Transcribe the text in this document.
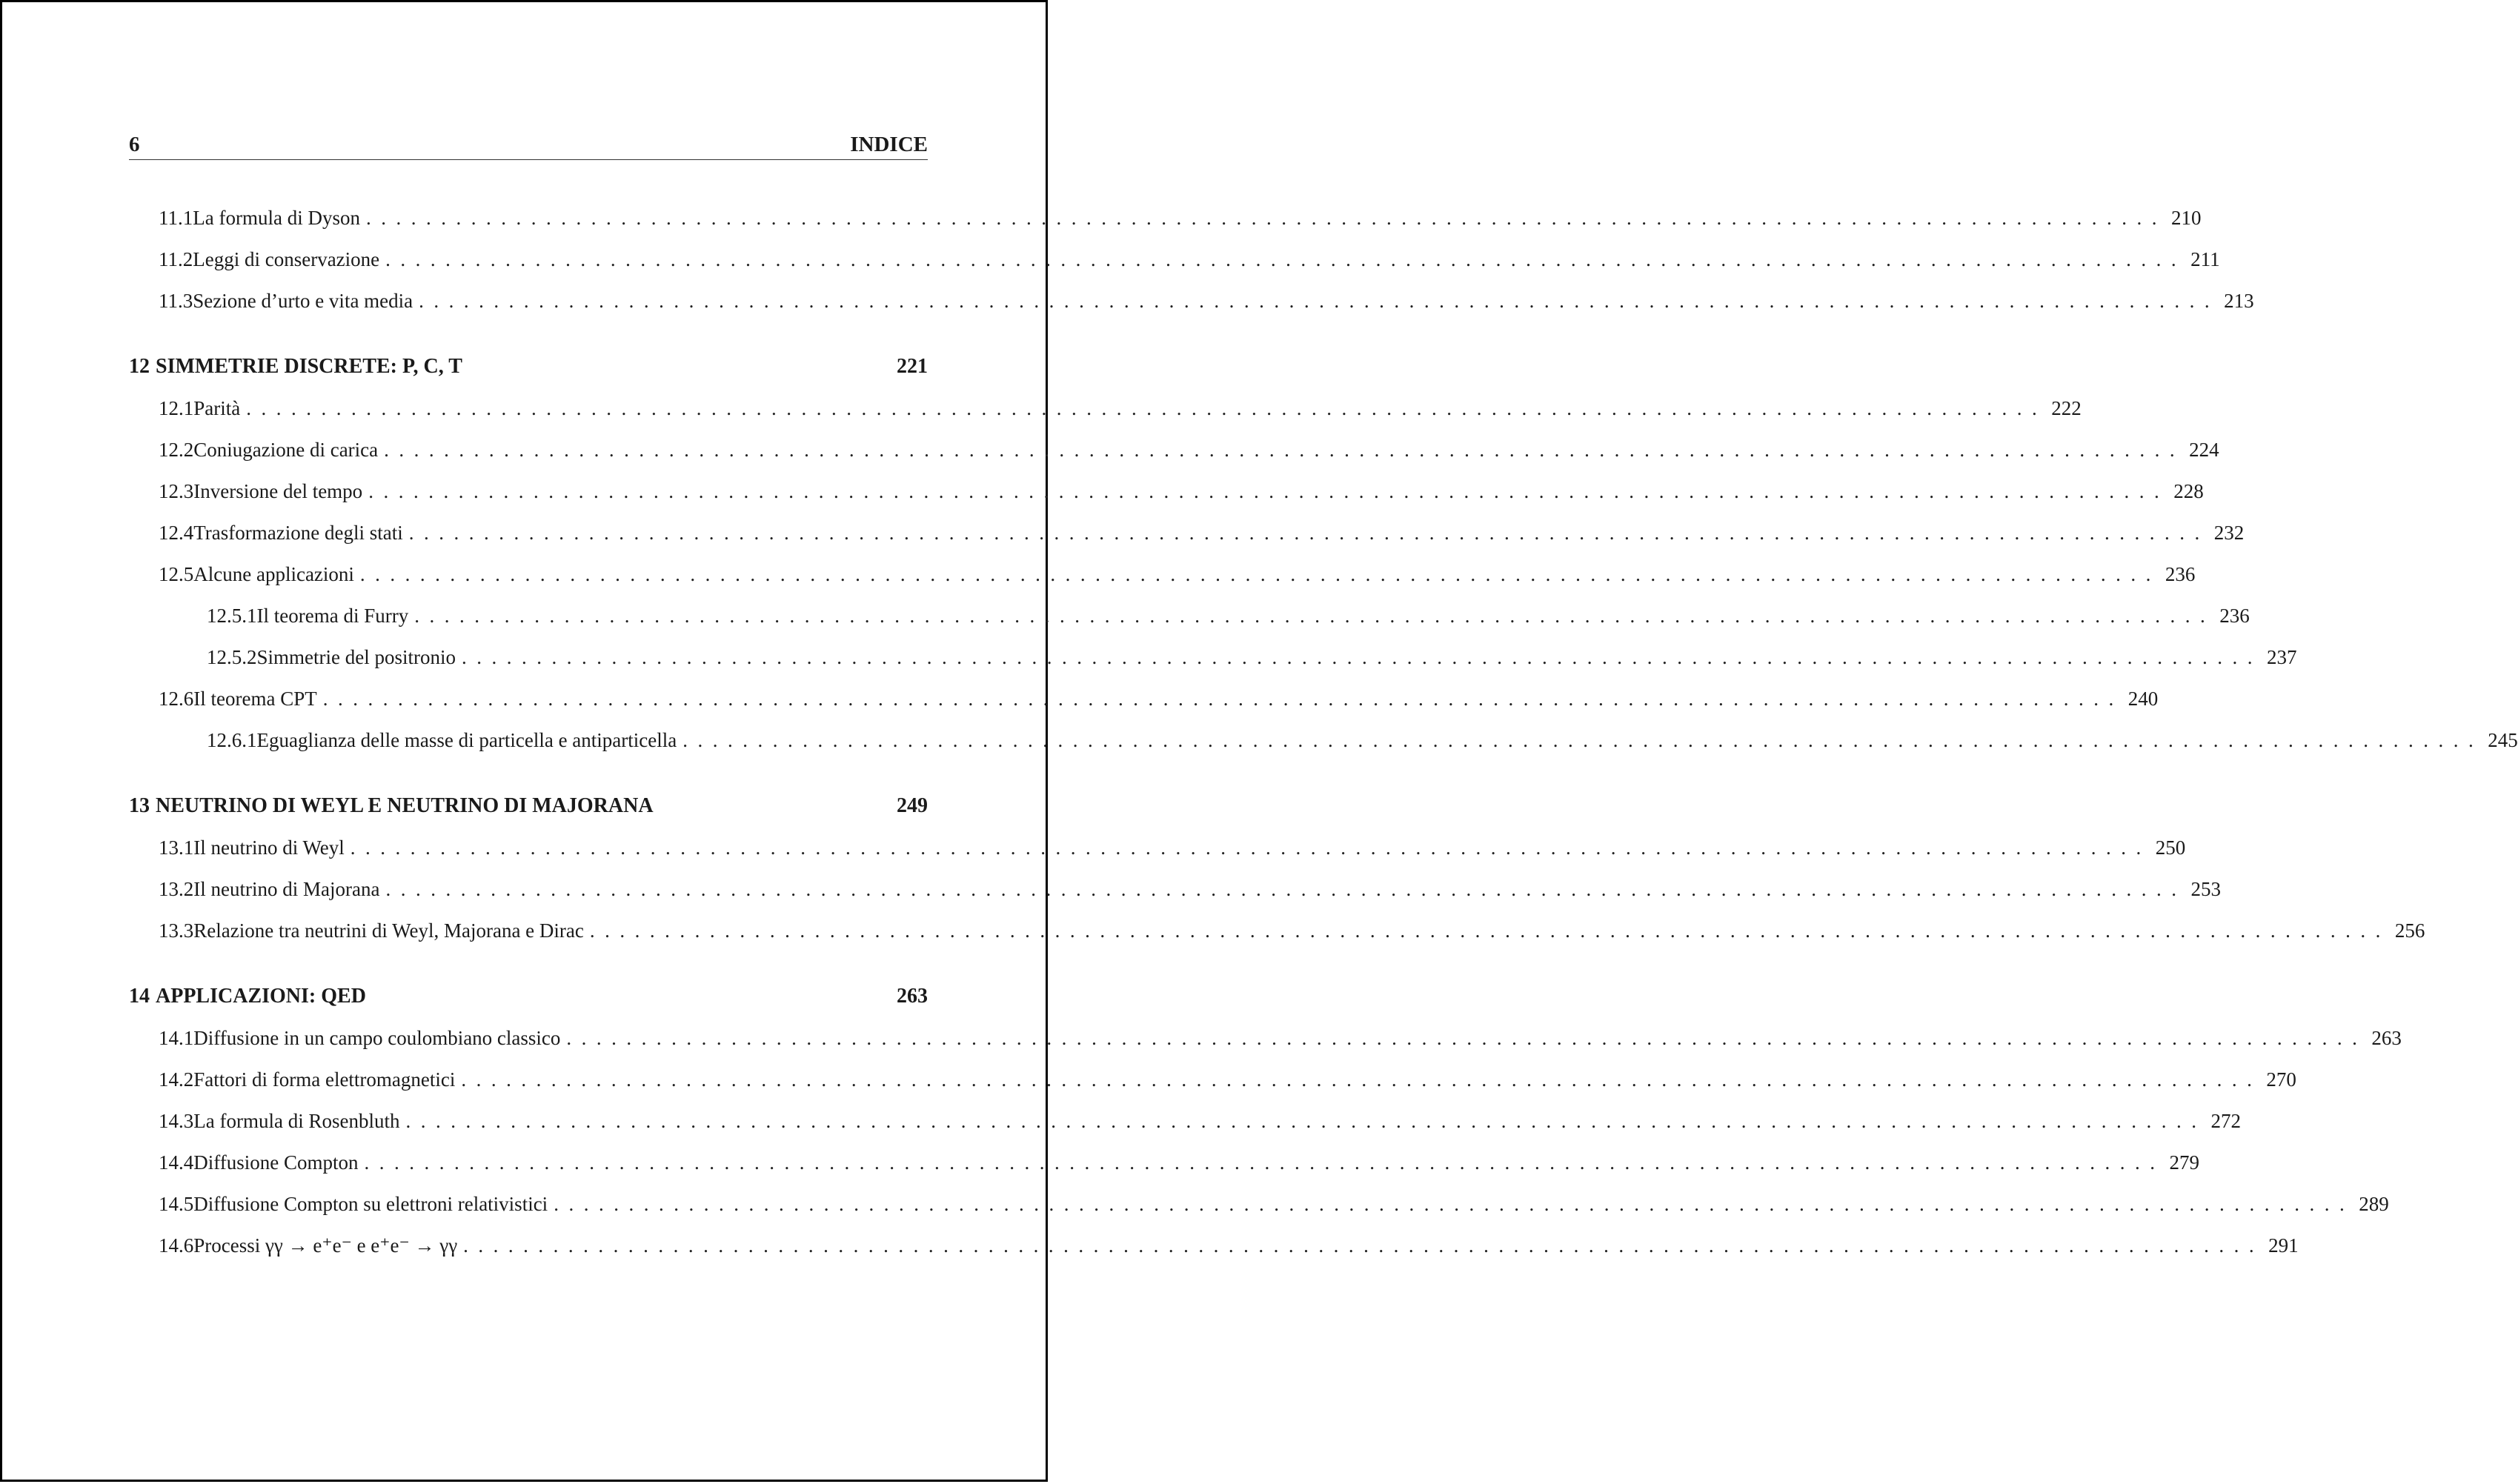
6	INDICE
11.1 La formula di Dyson ........................................................................................................................ 210
11.2 Leggi di conservazione ........................................................................................................................ 211
11.3 Sezione d’urto e vita media ........................................................................................................................ 213
12 SIMMETRIE DISCRETE: P, C, T	221
12.1 Parità ........................................................................................................................ 222
12.2 Coniugazione di carica ........................................................................................................................ 224
12.3 Inversione del tempo ........................................................................................................................ 228
12.4 Trasformazione degli stati ........................................................................................................................ 232
12.5 Alcune applicazioni ........................................................................................................................ 236
12.5.1 Il teorema di Furry ........................................................................................................................ 236
12.5.2 Simmetrie del positronio ........................................................................................................................ 237
12.6 Il teorema CPT ........................................................................................................................ 240
12.6.1 Eguaglianza delle masse di particella e antiparticella ........................................................................................................................ 245
13 NEUTRINO DI WEYL E NEUTRINO DI MAJORANA	249
13.1 Il neutrino di Weyl ........................................................................................................................ 250
13.2 Il neutrino di Majorana ........................................................................................................................ 253
13.3 Relazione tra neutrini di Weyl, Majorana e Dirac ........................................................................................................................ 256
14 APPLICAZIONI: QED	263
14.1 Diffusione in un campo coulombiano classico ........................................................................................................................ 263
14.2 Fattori di forma elettromagnetici ........................................................................................................................ 270
14.3 La formula di Rosenbluth ........................................................................................................................ 272
14.4 Diffusione Compton ........................................................................................................................ 279
14.5 Diffusione Compton su elettroni relativistici ........................................................................................................................ 289
14.6 Processi γγ → e⁺e⁻ e e⁺e⁻ → γγ ........................................................................................................................ 291
